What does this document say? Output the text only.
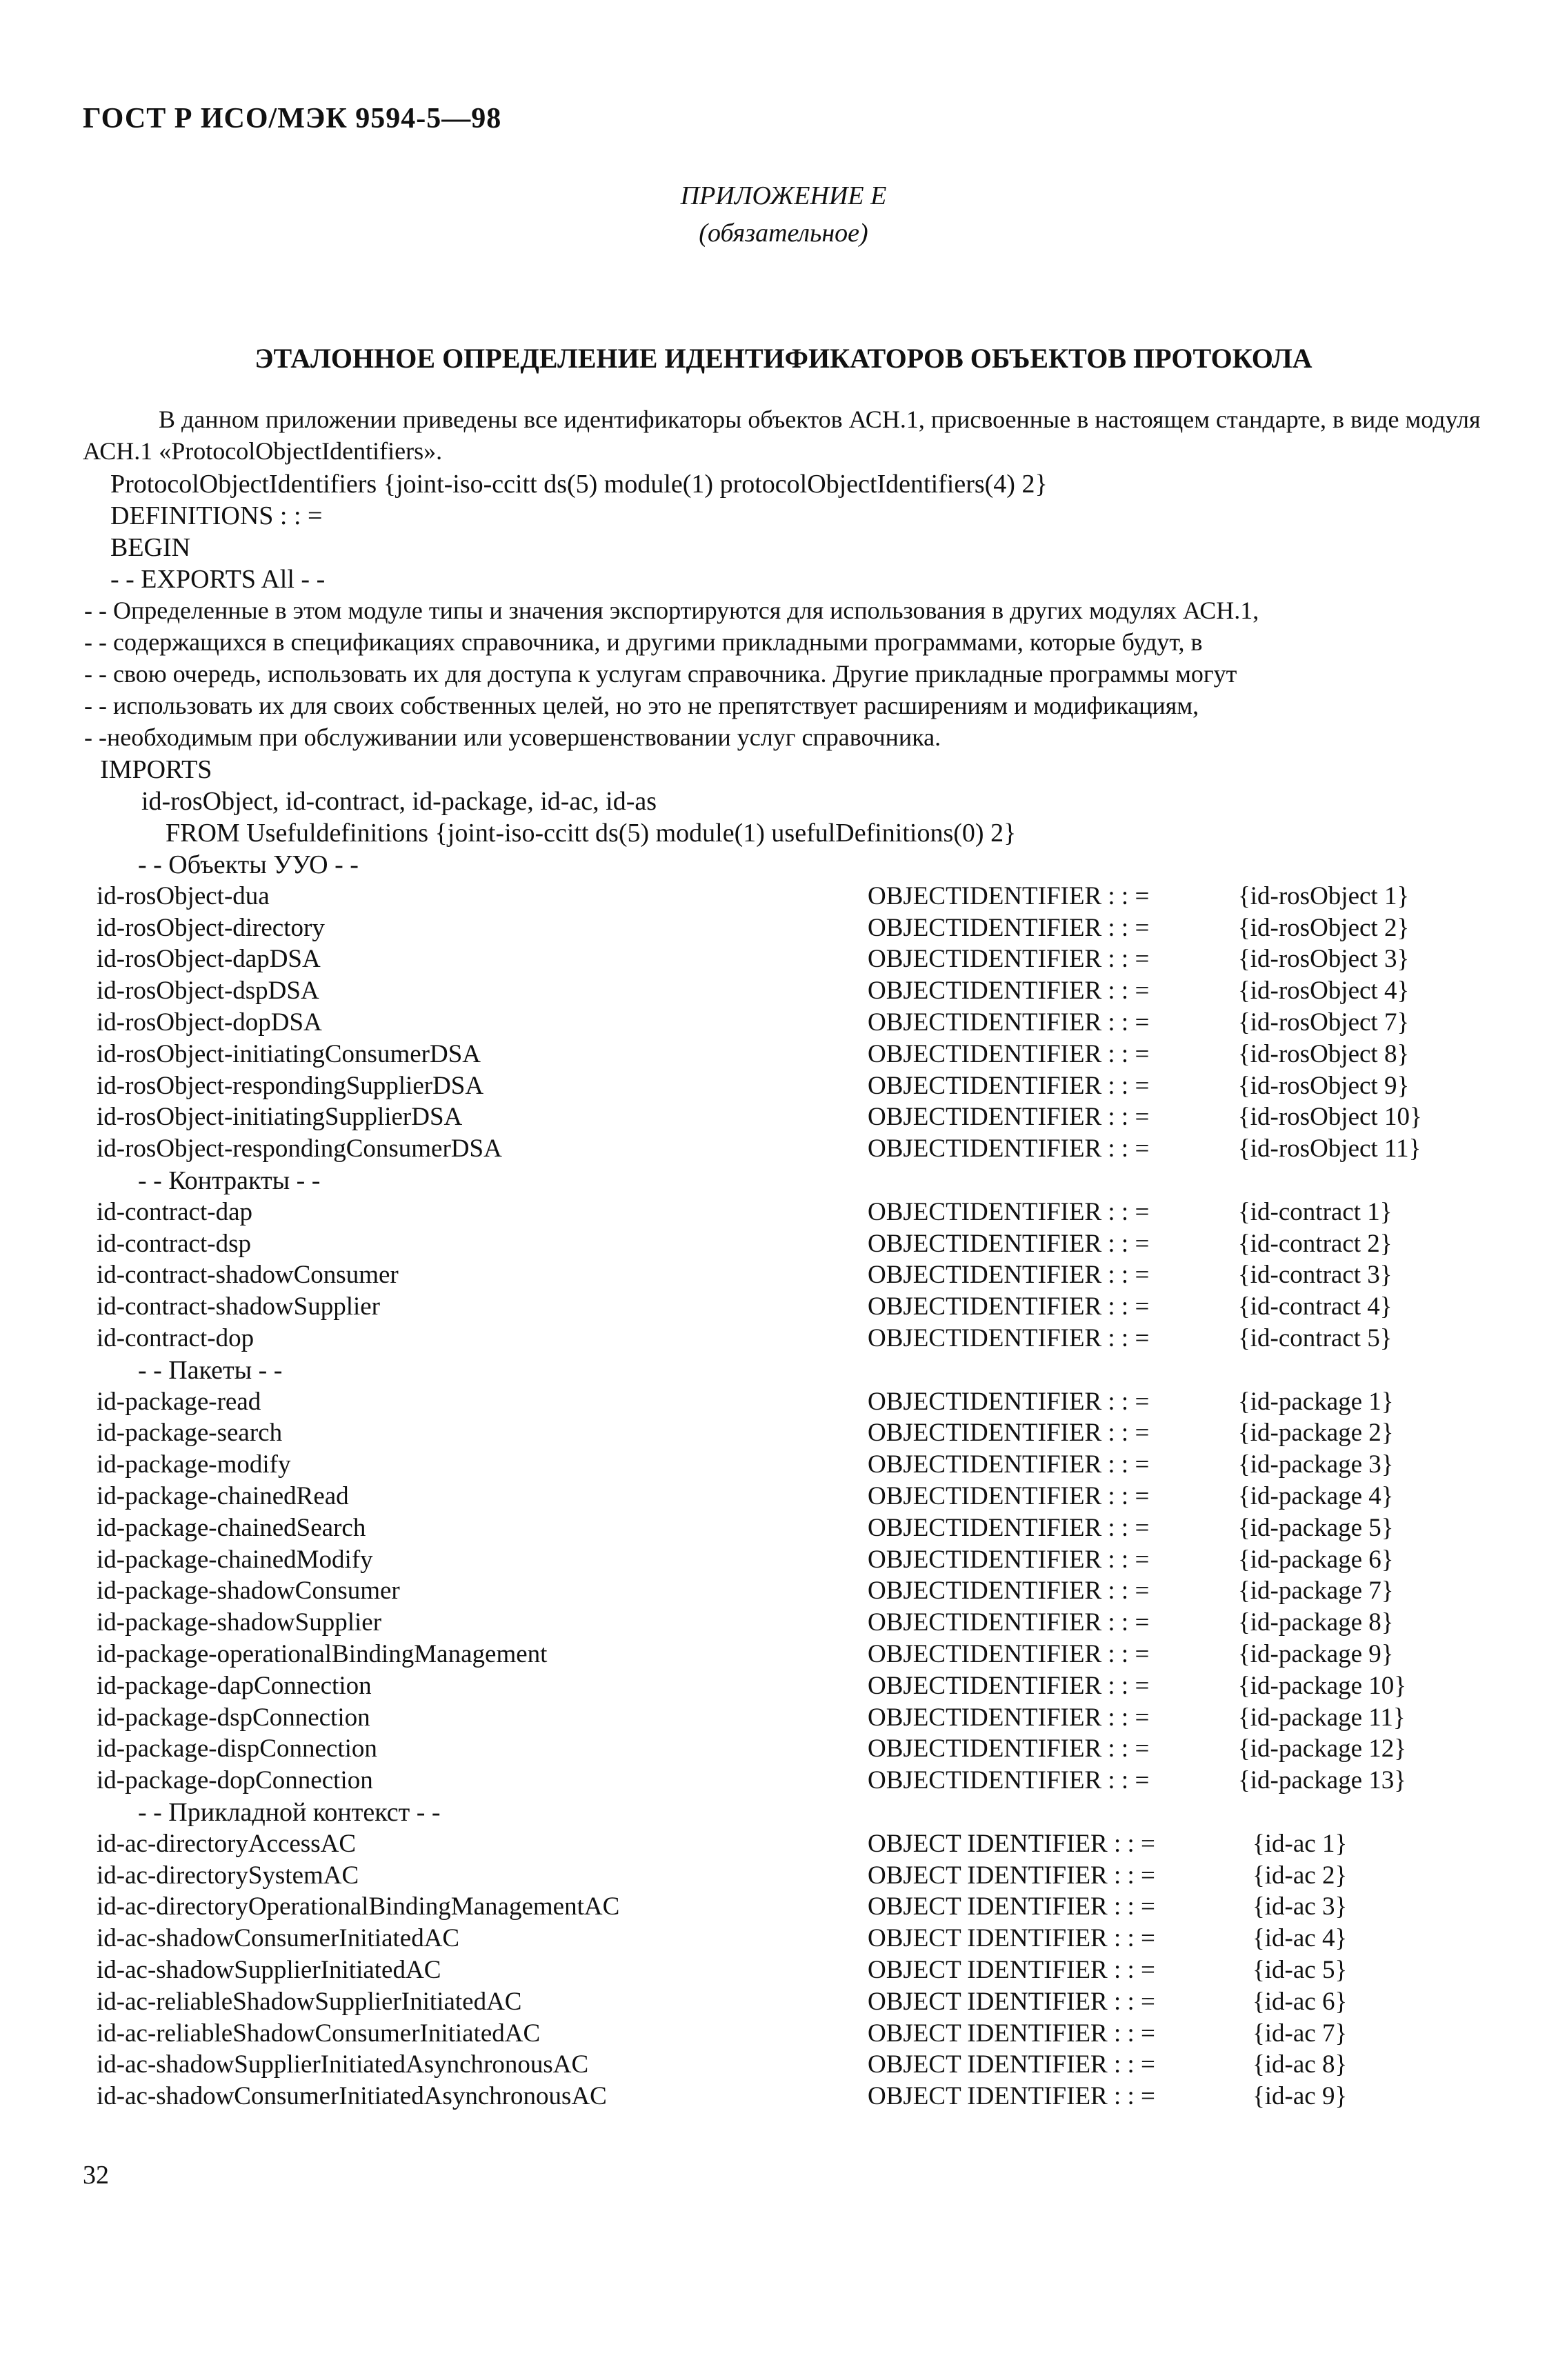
ГОСТ Р ИСО/МЭК 9594-5—98
ПРИЛОЖЕНИЕ Е
(обязательное)
ЭТАЛОННОЕ ОПРЕДЕЛЕНИЕ ИДЕНТИФИКАТОРОВ ОБЪЕКТОВ ПРОТОКОЛА
В данном приложении приведены все идентификаторы объектов АСН.1, присвоенные в настоящем стандарте, в виде модуля АСН.1 «ProtocolObjectIdentifiers».
ProtocolObjectIdentifiers {joint-iso-ccitt ds(5) module(1) protocolObjectIdentifiers(4) 2}
DEFINITIONS : : =
BEGIN
- - EXPORTS All - -
- - Определенные в этом модуле типы и значения экспортируются для использования в других модулях АСН.1,
- - содержащихся в спецификациях справочника, и другими прикладными программами, которые будут, в
- - свою очередь, использовать их для доступа к услугам справочника. Другие прикладные программы могут
- - использовать их для своих собственных целей, но это не препятствует расширениям и модификациям,
- -необходимым при обслуживании или усовершенствовании услуг справочника.
IMPORTS
id-rosObject, id-contract, id-package, id-ac, id-as
FROM Usefuldefinitions {joint-iso-ccitt ds(5) module(1) usefulDefinitions(0) 2}
- - Объекты УУО - -
id-rosObject-dua	OBJECTIDENTIFIER : : =	{id-rosObject 1}
id-rosObject-directory	OBJECTIDENTIFIER : : =	{id-rosObject 2}
id-rosObject-dapDSA	OBJECTIDENTIFIER : : =	{id-rosObject 3}
id-rosObject-dspDSA	OBJECTIDENTIFIER : : =	{id-rosObject 4}
id-rosObject-dopDSA	OBJECTIDENTIFIER : : =	{id-rosObject 7}
id-rosObject-initiatingConsumerDSA	OBJECTIDENTIFIER : : =	{id-rosObject 8}
id-rosObject-respondingSupplierDSA	OBJECTIDENTIFIER : : =	{id-rosObject 9}
id-rosObject-initiatingSupplierDSA	OBJECTIDENTIFIER : : =	{id-rosObject 10}
id-rosObject-respondingConsumerDSA	OBJECTIDENTIFIER : : =	{id-rosObject 11}
- - Контракты - -
id-contract-dap	OBJECTIDENTIFIER : : =	{id-contract 1}
id-contract-dsp	OBJECTIDENTIFIER : : =	{id-contract 2}
id-contract-shadowConsumer	OBJECTIDENTIFIER : : =	{id-contract 3}
id-contract-shadowSupplier	OBJECTIDENTIFIER : : =	{id-contract 4}
id-contract-dop	OBJECTIDENTIFIER : : =	{id-contract 5}
- - Пакеты - -
id-package-read	OBJECTIDENTIFIER : : =	{id-package 1}
id-package-search	OBJECTIDENTIFIER : : =	{id-package 2}
id-package-modify	OBJECTIDENTIFIER : : =	{id-package 3}
id-package-chainedRead	OBJECTIDENTIFIER : : =	{id-package 4}
id-package-chainedSearch	OBJECTIDENTIFIER : : =	{id-package 5}
id-package-chainedModify	OBJECTIDENTIFIER : : =	{id-package 6}
id-package-shadowConsumer	OBJECTIDENTIFIER : : =	{id-package 7}
id-package-shadowSupplier	OBJECTIDENTIFIER : : =	{id-package 8}
id-package-operationalBindingManagement	OBJECTIDENTIFIER : : =	{id-package 9}
id-package-dapConnection	OBJECTIDENTIFIER : : =	{id-package 10}
id-package-dspConnection	OBJECTIDENTIFIER : : =	{id-package 11}
id-package-dispConnection	OBJECTIDENTIFIER : : =	{id-package 12}
id-package-dopConnection	OBJECTIDENTIFIER : : =	{id-package 13}
- - Прикладной контекст - -
id-ac-directoryAccessAC	OBJECT IDENTIFIER : : =	{id-ac 1}
id-ac-directorySystemAC	OBJECT IDENTIFIER : : =	{id-ac 2}
id-ac-directoryOperationalBindingManagementAC	OBJECT IDENTIFIER : : =	{id-ac 3}
id-ac-shadowConsumerInitiatedAC	OBJECT IDENTIFIER : : =	{id-ac 4}
id-ac-shadowSupplierInitiatedAC	OBJECT IDENTIFIER : : =	{id-ac 5}
id-ac-reliableShadowSupplierInitiatedAC	OBJECT IDENTIFIER : : =	{id-ac 6}
id-ac-reliableShadowConsumerInitiatedAC	OBJECT IDENTIFIER : : =	{id-ac 7}
id-ac-shadowSupplierInitiatedAsynchronousAC	OBJECT IDENTIFIER : : =	{id-ac 8}
id-ac-shadowConsumerInitiatedAsynchronousAC	OBJECT IDENTIFIER : : =	{id-ac 9}
32
